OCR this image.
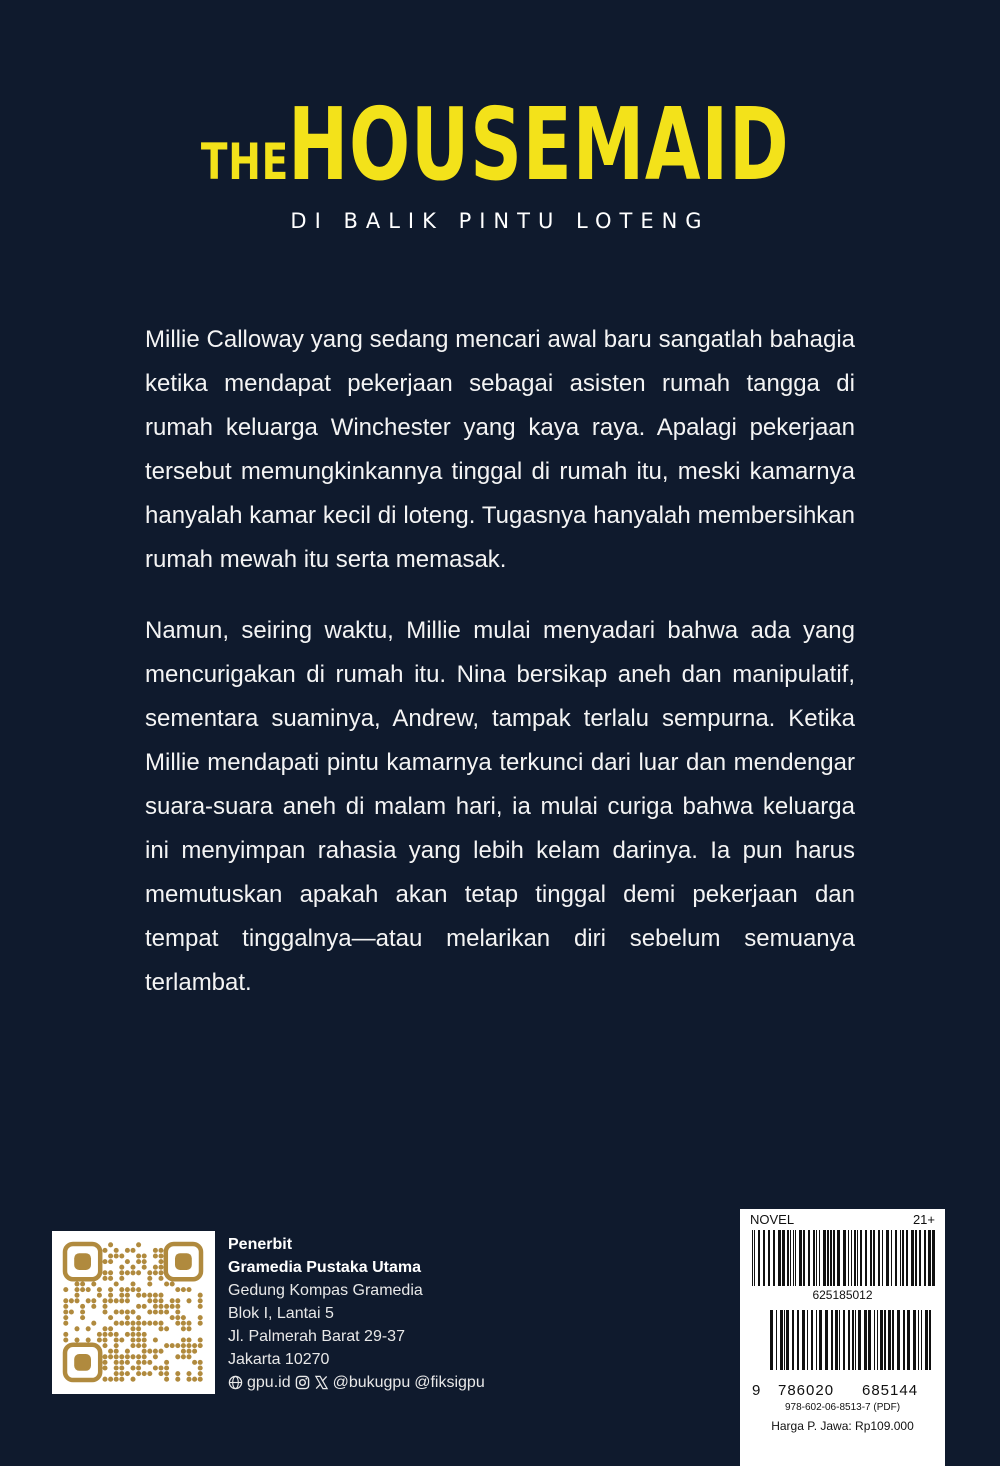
THE HOUSEMAID
DI BALIK PINTU LOTENG

Millie Calloway yang sedang mencari awal baru sangatlah bahagia ketika mendapat pekerjaan sebagai asisten rumah tangga di rumah keluarga Winchester yang kaya raya. Apalagi pekerjaan tersebut memungkinkannya tinggal di rumah itu, meski kamarnya hanyalah kamar kecil di loteng. Tugasnya hanyalah membersihkan rumah mewah itu serta memasak.

Namun, seiring waktu, Millie mulai menyadari bahwa ada yang mencurigakan di rumah itu. Nina bersikap aneh dan manipulatif, sementara suaminya, Andrew, tampak terlalu sempurna. Ketika Millie mendapati pintu kamarnya terkunci dari luar dan mendengar suara-suara aneh di malam hari, ia mulai curiga bahwa keluarga ini menyimpan rahasia yang lebih kelam darinya. Ia pun harus memutuskan apakah akan tetap tinggal demi pekerjaan dan tempat tinggalnya—atau melarikan diri sebelum semuanya terlambat.

Penerbit
Gramedia Pustaka Utama
Gedung Kompas Gramedia
Blok I, Lantai 5
Jl. Palmerah Barat 29-37
Jakarta 10270
gpu.id	@bukugpu @fiksigpu
NOVEL	21+
625185012
9 786020 685144
978-602-06-8513-7 (PDF)
Harga P. Jawa: Rp109.000
